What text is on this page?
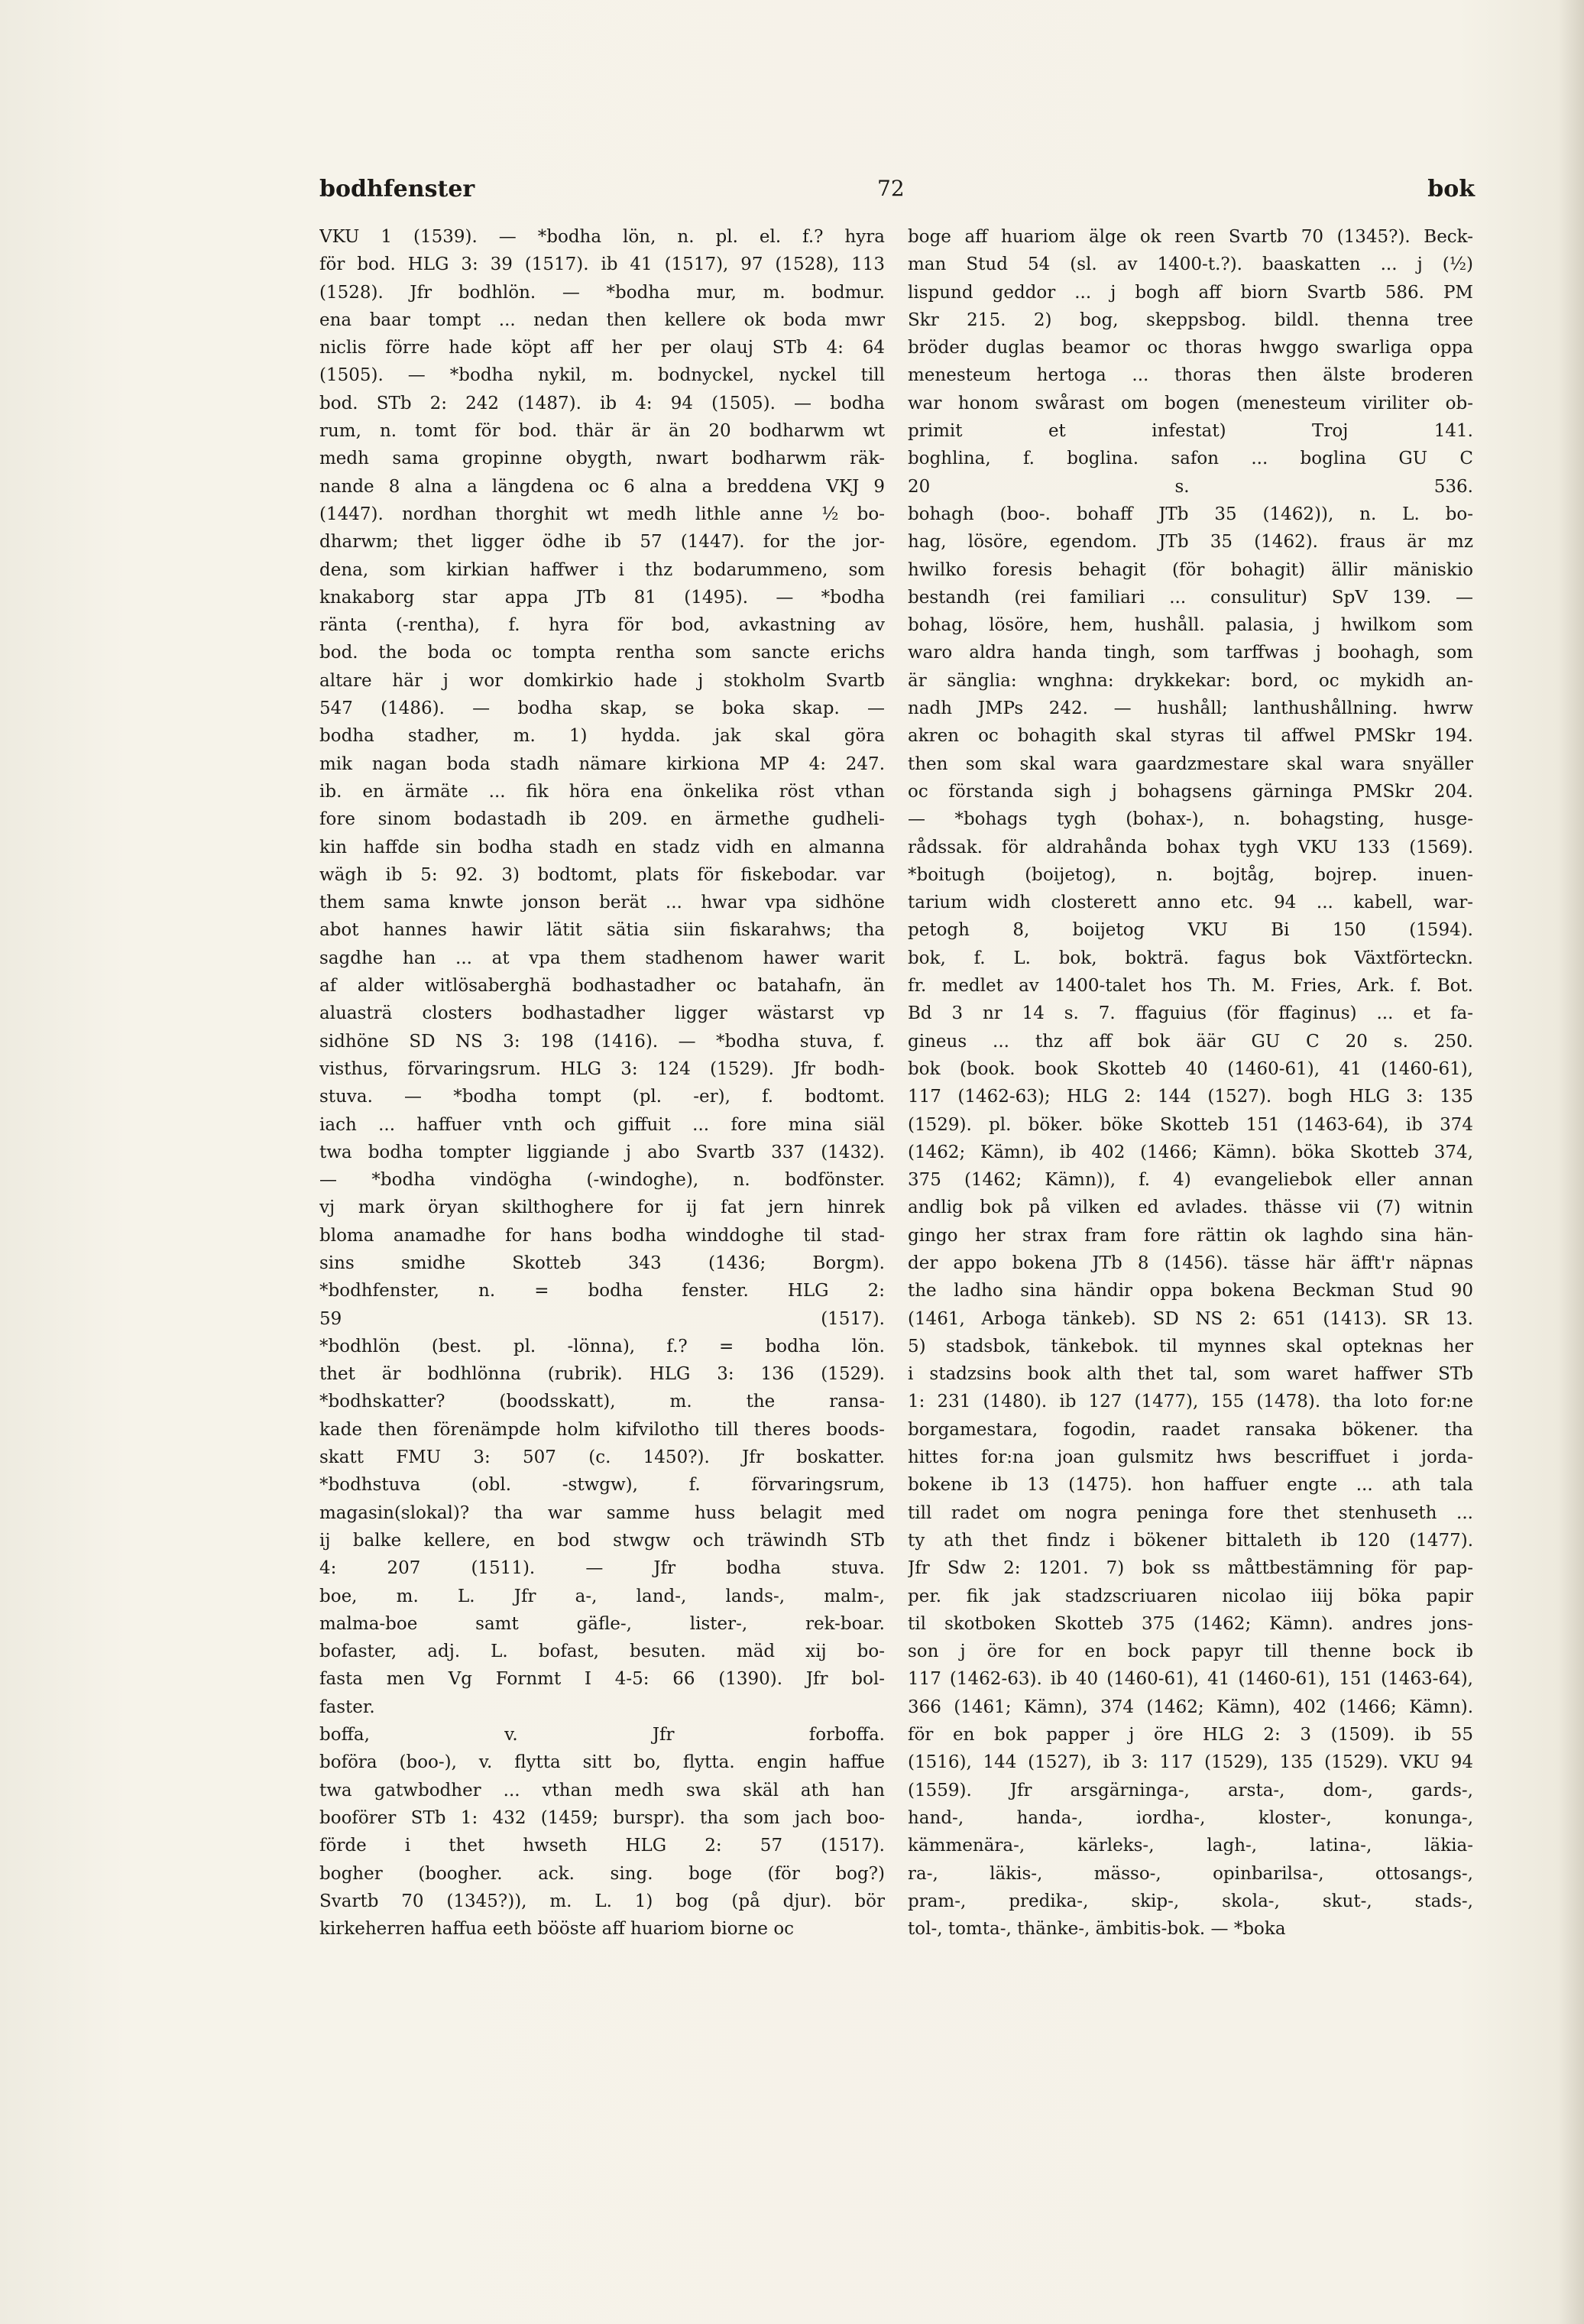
bodhfenster	72	bok
VKU 1 (1539). — *bodha lön, n. pl. el. f.? hyra
för bod. HLG 3: 39 (1517). ib 41 (1517), 97 (1528), 113
(1528). Jfr bodhlön. — *bodha mur, m. bodmur.
ena baar tompt ... nedan then kellere ok boda mwr
niclis förre hade köpt aff her per olauj STb 4: 64
(1505). — *bodha nykil, m. bodnyckel, nyckel till
bod. STb 2: 242 (1487). ib 4: 94 (1505). — bodha
rum, n. tomt för bod. thär är än 20 bodharwm wt
medh sama gropinne obygth, nwart bodharwm räk-
nande 8 alna a längdena oc 6 alna a breddena VKJ 9
(1447). nordhan thorghit wt medh lithle anne ½ bo-
dharwm; thet ligger ödhe ib 57 (1447). for the jor-
dena, som kirkian haffwer i thz bodarummeno, som
knakaborg star appa JTb 81 (1495). — *bodha
ränta (-rentha), f. hyra för bod, avkastning av
bod. the boda oc tompta rentha som sancte erichs
altare här j wor domkirkio hade j stokholm Svartb
547 (1486). — bodha skap, se boka skap. —
bodha stadher, m. 1) hydda. jak skal göra
mik nagan boda stadh nämare kirkiona MP 4: 247.
ib. en ärmäte ... fik höra ena önkelika röst vthan
fore sinom bodastadh ib 209. en ärmethe gudheli-
kin haffde sin bodha stadh en stadz vidh en almanna
wägh ib 5: 92. 3) bodtomt, plats för fiskebodar. var
them sama knwte jonson berät ... hwar vpa sidhöne
abot hannes hawir lätit sätia siin fiskarahws; tha
sagdhe han ... at vpa them stadhenom hawer warit
af alder witlösaberghä bodhastadher oc batahafn, än
aluasträ closters bodhastadher ligger wästarst vp
sidhöne SD NS 3: 198 (1416). — *bodha stuva, f.
visthus, förvaringsrum. HLG 3: 124 (1529). Jfr bodh-
stuva. — *bodha tompt (pl. -er), f. bodtomt.
iach ... haffuer vnth och giffuit ... fore mina siäl
twa bodha tompter liggiande j abo Svartb 337 (1432).
— *bodha vindögha (-windoghe), n. bodfönster.
vj mark öryan skilthoghere for ij fat jern hinrek
bloma anamadhe for hans bodha winddoghe til stad-
sins smidhe Skotteb 343 (1436; Borgm).
*bodhfenster, n. = bodha fenster. HLG 2:
59 (1517).
*bodhlön (best. pl. -lönna), f.? = bodha lön.
thet är bodhlönna (rubrik). HLG 3: 136 (1529).
*bodhskatter? (boodsskatt), m. the ransa-
kade then förenämpde holm kifvilotho till theres boods-
skatt FMU 3: 507 (c. 1450?). Jfr boskatter.
*bodhstuva (obl. -stwgw), f. förvaringsrum,
magasin(slokal)? tha war samme huss belagit med
ij balke kellere, en bod stwgw och träwindh STb
4: 207 (1511). — Jfr bodha stuva.
boe, m. L. Jfr a-, land-, lands-, malm-,
malma-boe samt gäfle-, lister-, rek-boar.
bofaster, adj. L. bofast, besuten. mäd xij bo-
fasta men Vg Fornmt I 4-5: 66 (1390). Jfr bol-
faster.
boffa, v. Jfr forboffa.
boföra (boo-), v. flytta sitt bo, flytta. engin haffue
twa gatwbodher ... vthan medh swa skäl ath han
booförer STb 1: 432 (1459; burspr). tha som jach boo-
förde i thet hwseth HLG 2: 57 (1517).
bogher (boogher. ack. sing. boge (för bog?)
Svartb 70 (1345?)), m. L. 1) bog (på djur). bör
kirkeherren haffua eeth bööste aff huariom biorne oc
boge aff huariom älge ok reen Svartb 70 (1345?). Beck-
man Stud 54 (sl. av 1400-t.?). baaskatten ... j (½)
lispund geddor ... j bogh aff biorn Svartb 586. PM
Skr 215. 2) bog, skeppsbog. bildl. thenna tree
bröder duglas beamor oc thoras hwggo swarliga oppa
menesteum hertoga ... thoras then älste broderen
war honom swårast om bogen (menesteum viriliter ob-
primit et infestat) Troj 141.
boghlina, f. boglina. safon ... boglina GU C
20 s. 536.
bohagh (boo-. bohaff JTb 35 (1462)), n. L. bo-
hag, lösöre, egendom. JTb 35 (1462). fraus är mz
hwilko foresis behagit (för bohagit) ällir mäniskio
bestandh (rei familiari ... consulitur) SpV 139. —
bohag, lösöre, hem, hushåll. palasia, j hwilkom som
waro aldra handa tingh, som tarffwas j boohagh, som
är sänglia: wnghna: drykkekar: bord, oc mykidh an-
nadh JMPs 242. — hushåll; lanthushållning. hwrw
akren oc bohagith skal styras til affwel PMSkr 194.
then som skal wara gaardzmestare skal wara snyäller
oc förstanda sigh j bohagsens gärninga PMSkr 204.
— *bohags tygh (bohax-), n. bohagsting, husge-
rådssak. för aldrahånda bohax tygh VKU 133 (1569).
*boitugh (boijetog), n. bojtåg, bojrep. inuen-
tarium widh closterett anno etc. 94 ... kabell, war-
petogh 8, boijetog VKU Bi 150 (1594).
bok, f. L. bok, bokträ. fagus bok Växtförteckn.
fr. medlet av 1400-talet hos Th. M. Fries, Ark. f. Bot.
Bd 3 nr 14 s. 7. ffaguius (för ffaginus) ... et fa-
gineus ... thz aff bok äär GU C 20 s. 250.
bok (book. book Skotteb 40 (1460-61), 41 (1460-61),
117 (1462-63); HLG 2: 144 (1527). bogh HLG 3: 135
(1529). pl. böker. böke Skotteb 151 (1463-64), ib 374
(1462; Kämn), ib 402 (1466; Kämn). böka Skotteb 374,
375 (1462; Kämn)), f. 4) evangeliebok eller annan
andlig bok på vilken ed avlades. thässe vii (7) witnin
gingo her strax fram fore rättin ok laghdo sina hän-
der appo bokena JTb 8 (1456). tässe här äfft'r näpnas
the ladho sina händir oppa bokena Beckman Stud 90
(1461, Arboga tänkeb). SD NS 2: 651 (1413). SR 13.
5) stadsbok, tänkebok. til mynnes skal opteknas her
i stadzsins book alth thet tal, som waret haffwer STb
1: 231 (1480). ib 127 (1477), 155 (1478). tha loto for:ne
borgamestara, fogodin, raadet ransaka bökener. tha
hittes for:na joan gulsmitz hws bescriffuet i jorda-
bokene ib 13 (1475). hon haffuer engte ... ath tala
till radet om nogra peninga fore thet stenhuseth ...
ty ath thet findz i bökener bittaleth ib 120 (1477).
Jfr Sdw 2: 1201. 7) bok ss måttbestämning för pap-
per. fik jak stadzscriuaren nicolao iiij böka papir
til skotboken Skotteb 375 (1462; Kämn). andres jons-
son j öre for en bock papyr till thenne bock ib
117 (1462-63). ib 40 (1460-61), 41 (1460-61), 151 (1463-64),
366 (1461; Kämn), 374 (1462; Kämn), 402 (1466; Kämn).
för en bok papper j öre HLG 2: 3 (1509). ib 55
(1516), 144 (1527), ib 3: 117 (1529), 135 (1529). VKU 94
(1559). Jfr arsgärninga-, arsta-, dom-, gards-,
hand-, handa-, iordha-, kloster-, konunga-,
kämmenära-, kärleks-, lagh-, latina-, läkia-
ra-, läkis-, mässo-, opinbarilsa-, ottosangs-,
pram-, predika-, skip-, skola-, skut-, stads-,
tol-, tomta-, thänke-, ämbitis-bok. — *boka
